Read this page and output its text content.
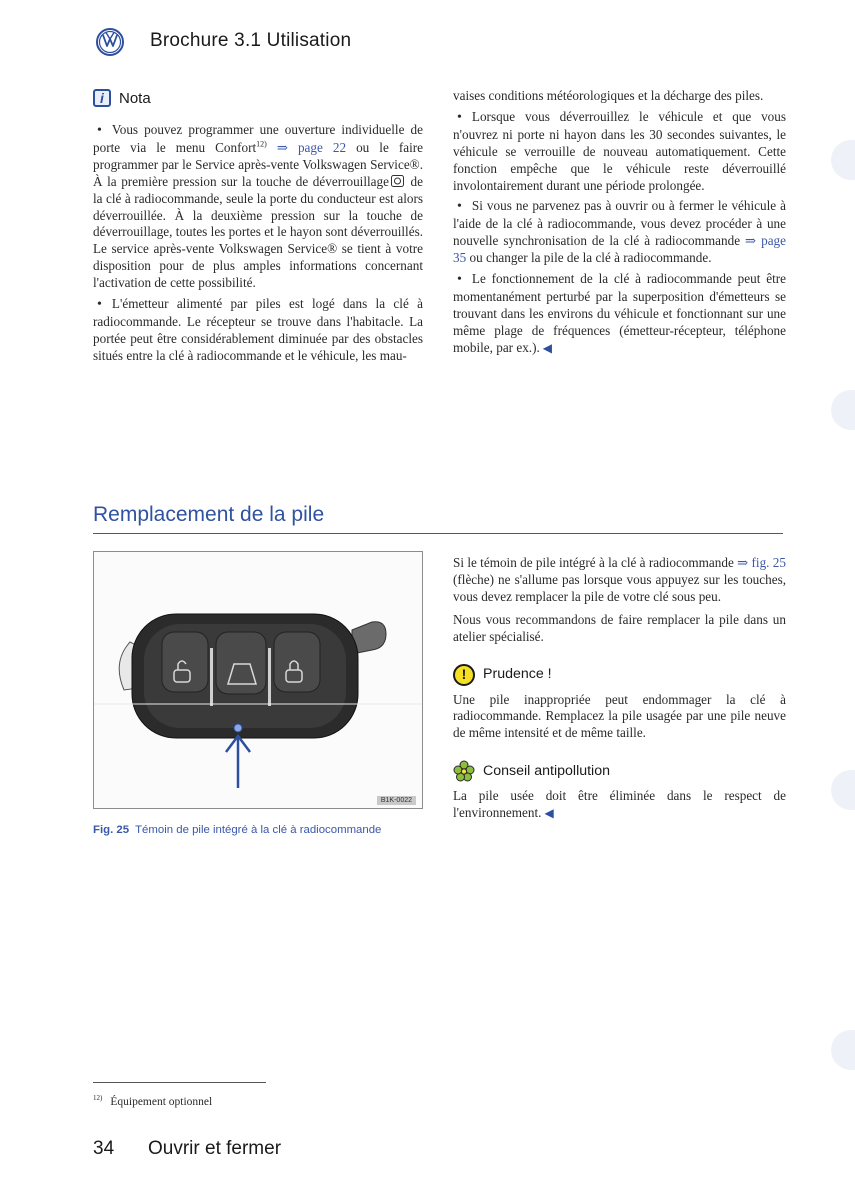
Brochure 3.1 Utilisation
i	Nota

• Vous pouvez programmer une ouverture individuelle de porte via le menu Confort$^{12)}$ ⇒ page 22 ou le faire programmer par le Service après-vente Volkswagen Service®. À la première pression sur la touche de déverrouillage de la clé à radiocommande, seule la porte du conducteur est alors déverrouillée. À la deuxième pression sur la touche de déverrouillage, toutes les portes et le hayon sont déverrouillés. Le service après-vente Volkswagen Service® se tient à votre disposition pour de plus amples informations concernant l'activation de cette possibilité.

• L'émetteur alimenté par piles est logé dans la clé à radiocommande. Le récepteur se trouve dans l'habitacle. La portée peut être considérablement diminuée par des obstacles situés entre la clé à radiocommande et le véhicule, les mau-

vaises conditions météorologiques et la décharge des piles.

• Lorsque vous déverrouillez le véhicule et que vous n'ouvrez ni porte ni hayon dans les 30 secondes suivantes, le véhicule se verrouille de nouveau automatiquement. Cette fonction empêche que le véhicule reste déverrouillé involontairement durant une période prolongée.

• Si vous ne parvenez pas à ouvrir ou à fermer le véhicule à l'aide de la clé à radiocommande, vous devez procéder à une nouvelle synchronisation de la clé à radiocommande ⇒ page 35 ou changer la pile de la clé à radiocommande.

• Le fonctionnement de la clé à radiocommande peut être momentanément perturbé par la superposition d'émetteurs se trouvant dans les environs du véhicule et fonctionnant sur une même plage de fréquences (émetteur-récepteur, téléphone mobile, par ex.). ◀

Remplacement de la pile
B1K-0022
Fig. 25 Témoin de pile intégré à la clé à radiocommande

Si le témoin de pile intégré à la clé à radiocommande ⇒ fig. 25 (flèche) ne s'allume pas lorsque vous appuyez sur les touches, vous devez remplacer la pile de votre clé sous peu.

Nous vous recommandons de faire remplacer la pile dans un atelier spécialisé.

!	Prudence !

Une pile inappropriée peut endommager la clé à radiocommande. Remplacez la pile usagée par une pile neuve de même intensité et de même taille.

Conseil antipollution

La pile usée doit être éliminée dans le respect de l'environnement. ◀

$^{12)}$ Équipement optionnel
34 Ouvrir et fermer
